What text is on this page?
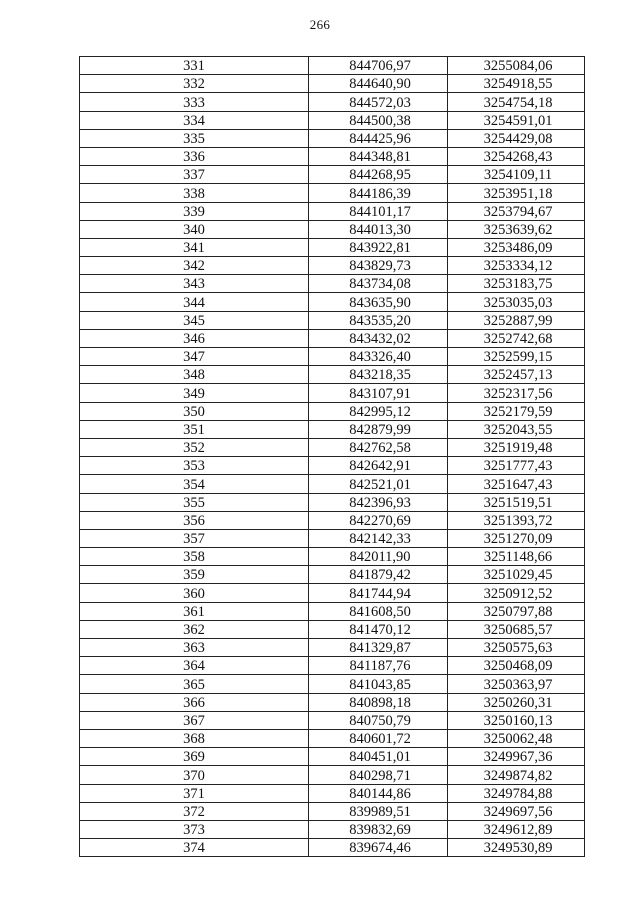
266
331	844706,97	3255084,06
332	844640,90	3254918,55
333	844572,03	3254754,18
334	844500,38	3254591,01
335	844425,96	3254429,08
336	844348,81	3254268,43
337	844268,95	3254109,11
338	844186,39	3253951,18
339	844101,17	3253794,67
340	844013,30	3253639,62
341	843922,81	3253486,09
342	843829,73	3253334,12
343	843734,08	3253183,75
344	843635,90	3253035,03
345	843535,20	3252887,99
346	843432,02	3252742,68
347	843326,40	3252599,15
348	843218,35	3252457,13
349	843107,91	3252317,56
350	842995,12	3252179,59
351	842879,99	3252043,55
352	842762,58	3251919,48
353	842642,91	3251777,43
354	842521,01	3251647,43
355	842396,93	3251519,51
356	842270,69	3251393,72
357	842142,33	3251270,09
358	842011,90	3251148,66
359	841879,42	3251029,45
360	841744,94	3250912,52
361	841608,50	3250797,88
362	841470,12	3250685,57
363	841329,87	3250575,63
364	841187,76	3250468,09
365	841043,85	3250363,97
366	840898,18	3250260,31
367	840750,79	3250160,13
368	840601,72	3250062,48
369	840451,01	3249967,36
370	840298,71	3249874,82
371	840144,86	3249784,88
372	839989,51	3249697,56
373	839832,69	3249612,89
374	839674,46	3249530,89
